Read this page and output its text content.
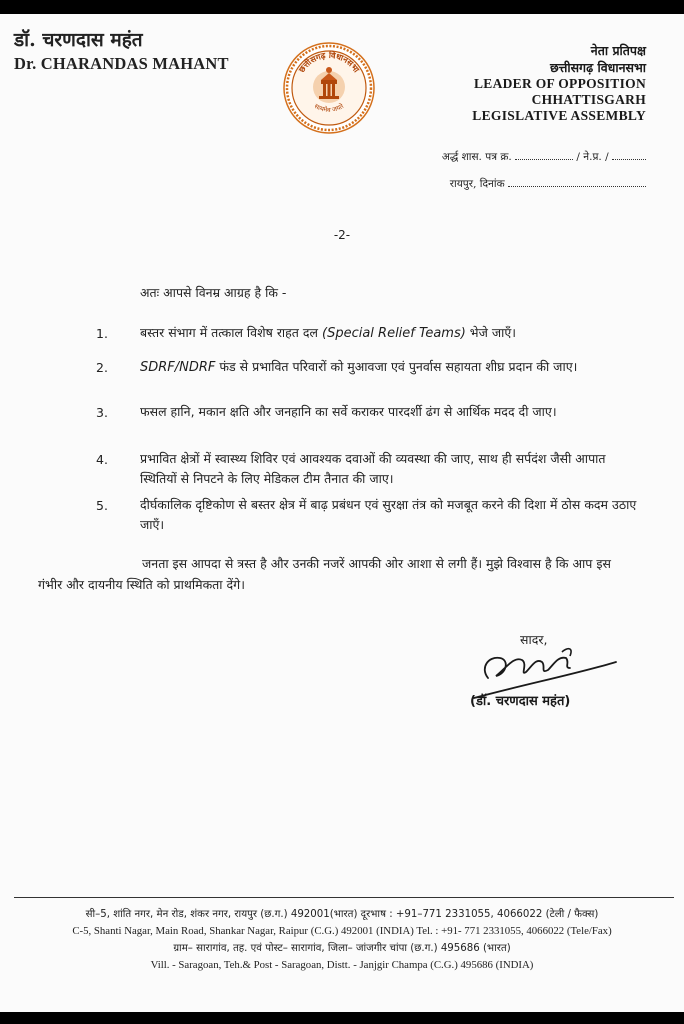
डॉ. चरणदास महंत
Dr. CHARANDAS MAHANT	छत्तीसगढ़ विधानसभा
सत्यमेव जयते
नेता प्रतिपक्ष
छत्तीसगढ़ विधानसभा
LEADER OF OPPOSITION
CHHATTISGARH
LEGISLATIVE ASSEMBLY
अर्द्ध शास. पत्र क्र.	/ ने.प्र. /
रायपुर, दिनांक
-2-
अतः आपसे विनम्र आग्रह है कि -
1.	बस्तर संभाग में तत्काल विशेष राहत दल (Special Relief Teams) भेजे जाएँ।
2. SDRF/NDRF फंड से प्रभावित परिवारों को मुआवजा एवं पुनर्वास सहायता शीघ्र प्रदान की जाए।
3.	फसल हानि, मकान क्षति और जनहानि का सर्वे कराकर पारदर्शी ढंग से आर्थिक मदद दी जाए।
4.	प्रभावित क्षेत्रों में स्वास्थ्य शिविर एवं आवश्यक दवाओं की व्यवस्था की जाए, साथ ही सर्पदंश जैसी आपात स्थितियों से निपटने के लिए मेडिकल टीम तैनात की जाए।
5.	दीर्घकालिक दृष्टिकोण से बस्तर क्षेत्र में बाढ़ प्रबंधन एवं सुरक्षा तंत्र को मजबूत करने की दिशा में ठोस कदम उठाए जाएँ।
जनता इस आपदा से त्रस्त है और उनकी नजरें आपकी ओर आशा से लगी हैं। मुझे विश्वास है कि आप इस गंभीर और दायनीय स्थिति को प्राथमिकता देंगे।
सादर,
(डॉ. चरणदास महंत)
सी–5, शांति नगर, मेन रोड, शंकर नगर, रायपुर (छ.ग.) 492001(भारत) दूरभाष : +91–771 2331055, 4066022 (टेली / फैक्स)
C-5, Shanti Nagar, Main Road, Shankar Nagar, Raipur (C.G.) 492001 (INDIA) Tel. : +91- 771 2331055, 4066022 (Tele/Fax)
ग्राम– सारागांव, तह. एवं पोस्ट– सारागांव, जिला– जांजगीर चांपा (छ.ग.) 495686 (भारत)
Vill. - Saragoan, Teh.& Post - Saragoan, Distt. - Janjgir Champa (C.G.) 495686 (INDIA)
